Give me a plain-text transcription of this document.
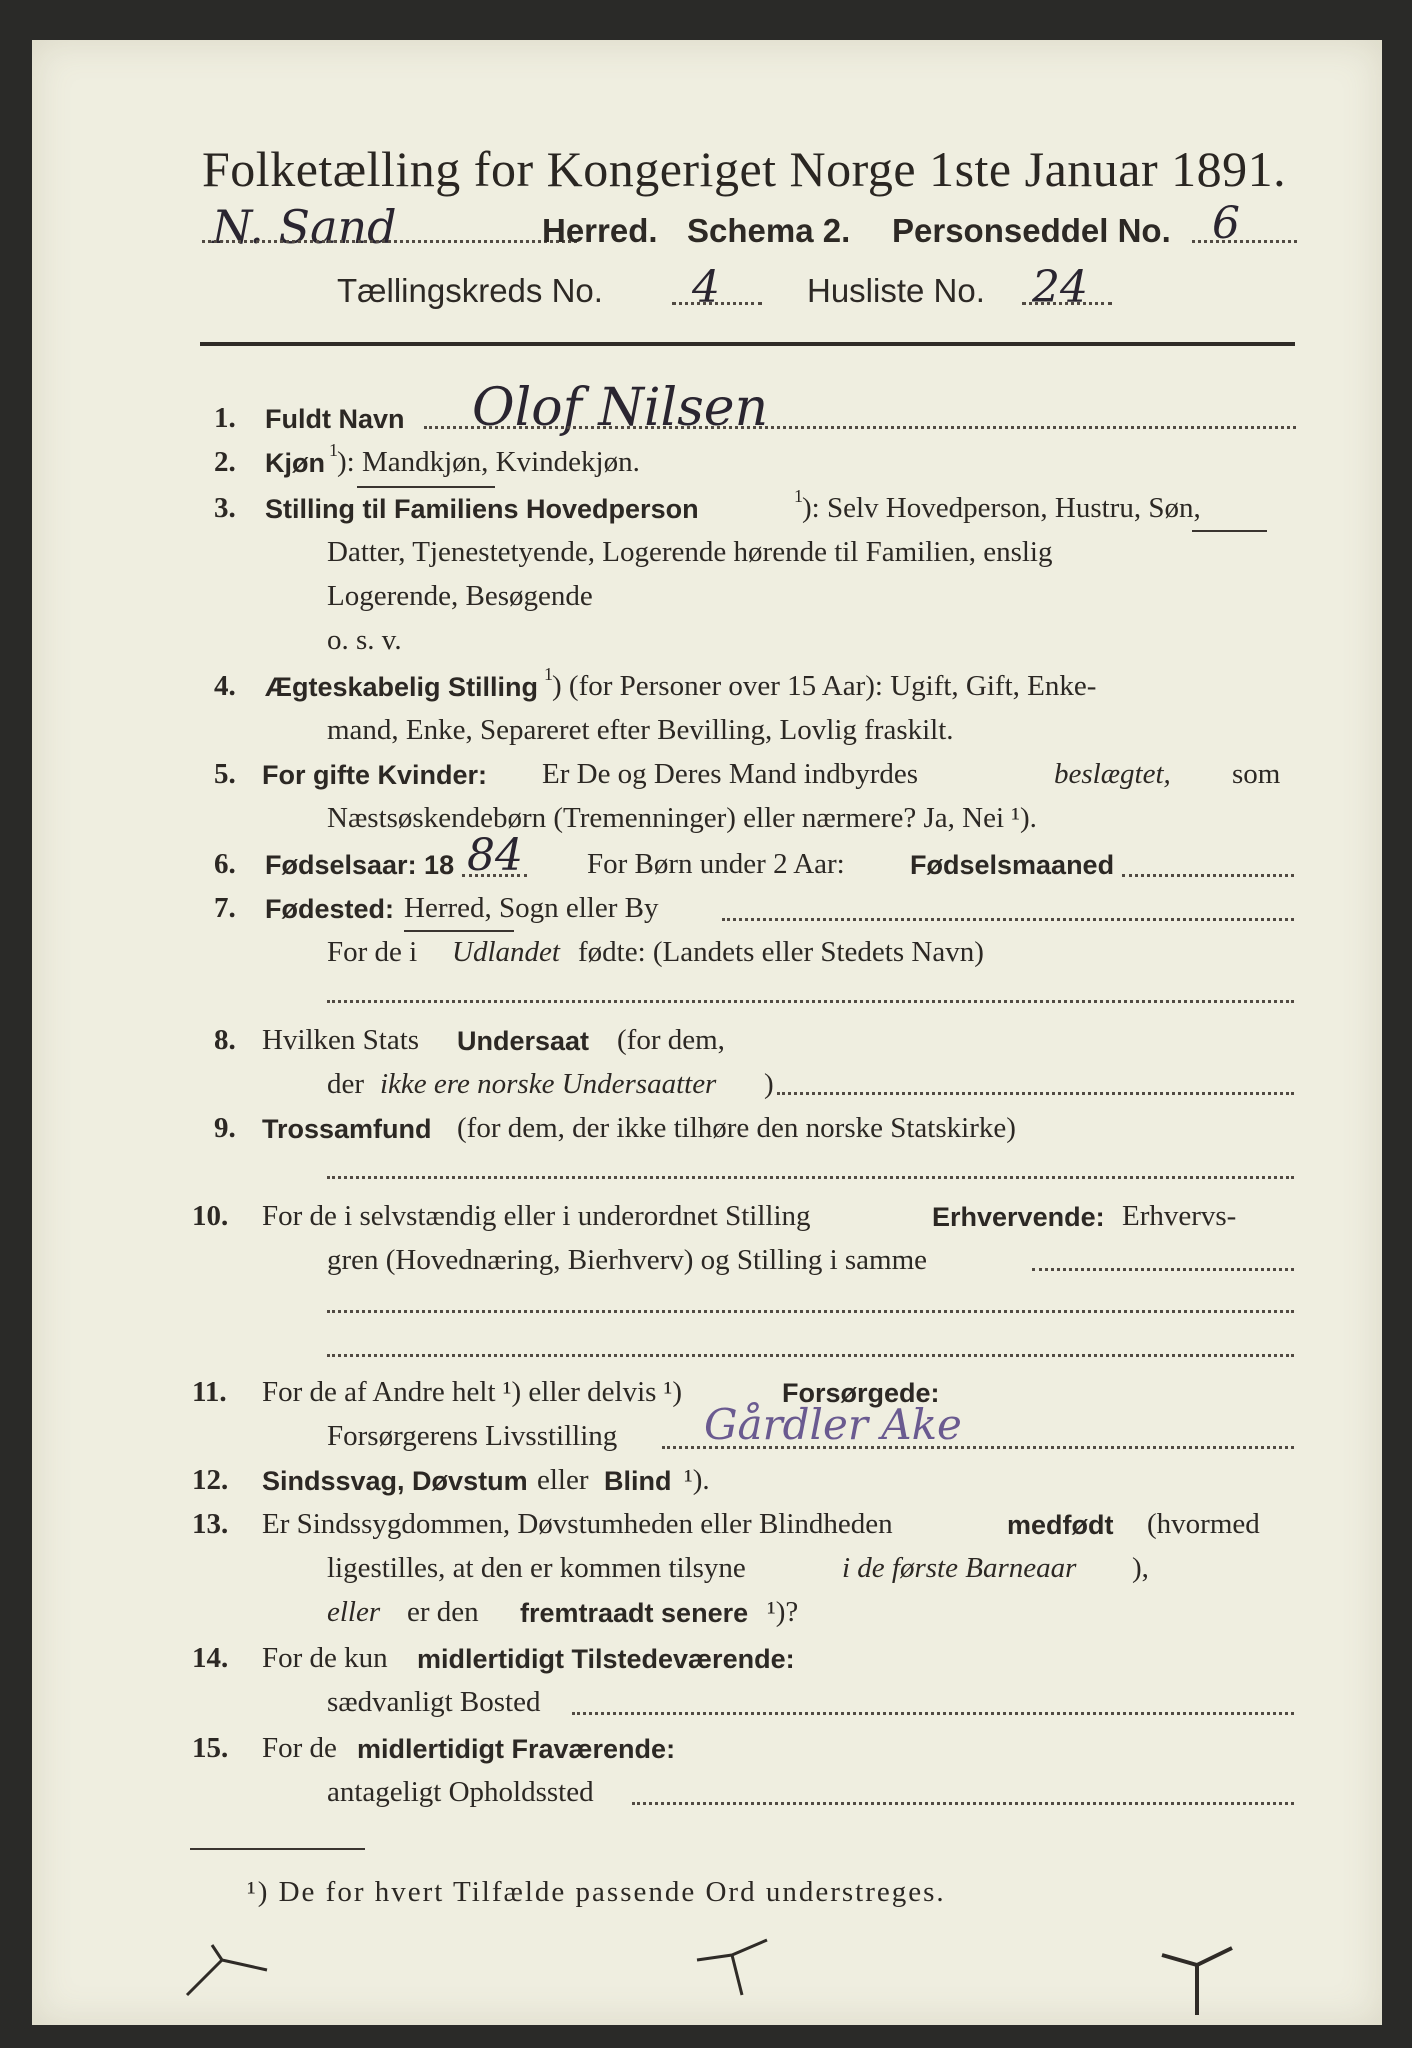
Folketælling for Kongeriget Norge 1ste Januar 1891.
N. Sand	Herred. Schema 2. Personseddel No. 6
Tællingskreds No. 4	Husliste No. 24
1. Fuldt Navn Olof Nilsen
2. Kjøn 1 ): Mandkjøn, Kvindekjøn.
3. Stilling til Familiens Hovedperson	1 ): Selv Hovedperson, Hustru, Søn,
Datter, Tjenestetyende, Logerende hørende til Familien, enslig
Logerende, Besøgende
o. s. v.
4. Ægteskabelig Stilling 1 ) (for Personer over 15 Aar): Ugift, Gift, Enke-
mand, Enke, Separeret efter Bevilling, Lovlig fraskilt.
5. For gifte Kvinder: Er De og Deres Mand indbyrdes	beslægtet, som
Næstsøskendebørn (Tremenninger) eller nærmere? Ja, Nei ¹).
6. Fødselsaar: 18 84 For Børn under 2 Aar: Fødselsmaaned
7. Fødested: Herred, Sogn eller By
For de i Udlandet fødte: (Landets eller Stedets Navn)
8. Hvilken Stats Undersaat (for dem,
der ikke ere norske Undersaatter )
9. Trossamfund (for dem, der ikke tilhøre den norske Statskirke)
10. For de i selvstændig eller i underordnet Stilling	Erhvervende: Erhvervs-
gren (Hovednæring, Bierhverv) og Stilling i samme
11. For de af Andre helt ¹) eller delvis ¹)	Forsørgede:
Forsørgerens Livsstilling Gårdler Ake
12. Sindssvag, Døvstum eller Blind ¹).
13. Er Sindssygdommen, Døvstumheden eller Blindheden	medfødt (hvormed
ligestilles, at den er kommen tilsyne	i de første Barneaar ),
eller er den fremtraadt senere ¹)?
14. For de kun midlertidigt Tilstedeværende:
sædvanligt Bosted
15. For de midlertidigt Fraværende:
antageligt Opholdssted
¹) De for hvert Tilfælde passende Ord understreges.
